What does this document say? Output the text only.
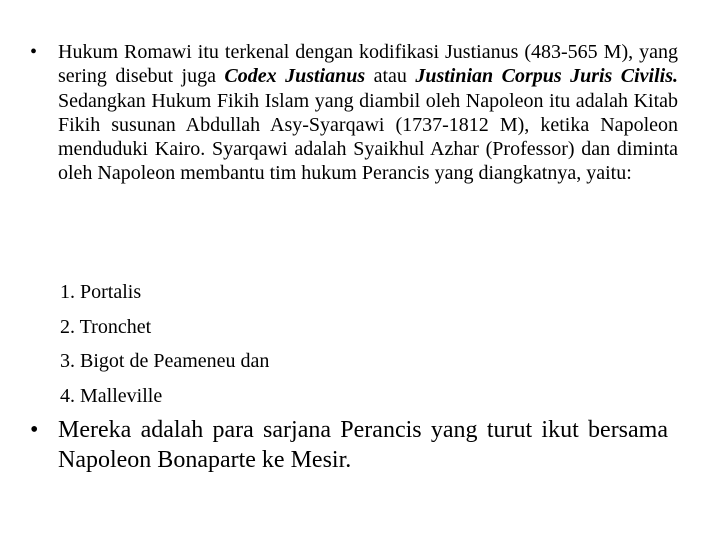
• Hukum Romawi itu terkenal dengan kodifikasi Justianus (483-565 M), yang sering disebut juga Codex Justianus atau Justinian Corpus Juris Civilis. Sedangkan Hukum Fikih Islam yang diambil oleh Napoleon itu adalah Kitab Fikih susunan Abdullah Asy-Syarqawi (1737-1812 M), ketika Napoleon menduduki Kairo. Syarqawi adalah Syaikhul Azhar (Professor) dan diminta oleh Napoleon membantu tim hukum Perancis yang diangkatnya, yaitu:
1. Portalis
2. Tronchet
3. Bigot de Peameneu dan
4. Malleville
• Mereka adalah para sarjana Perancis yang turut ikut bersama Napoleon Bonaparte ke Mesir.
